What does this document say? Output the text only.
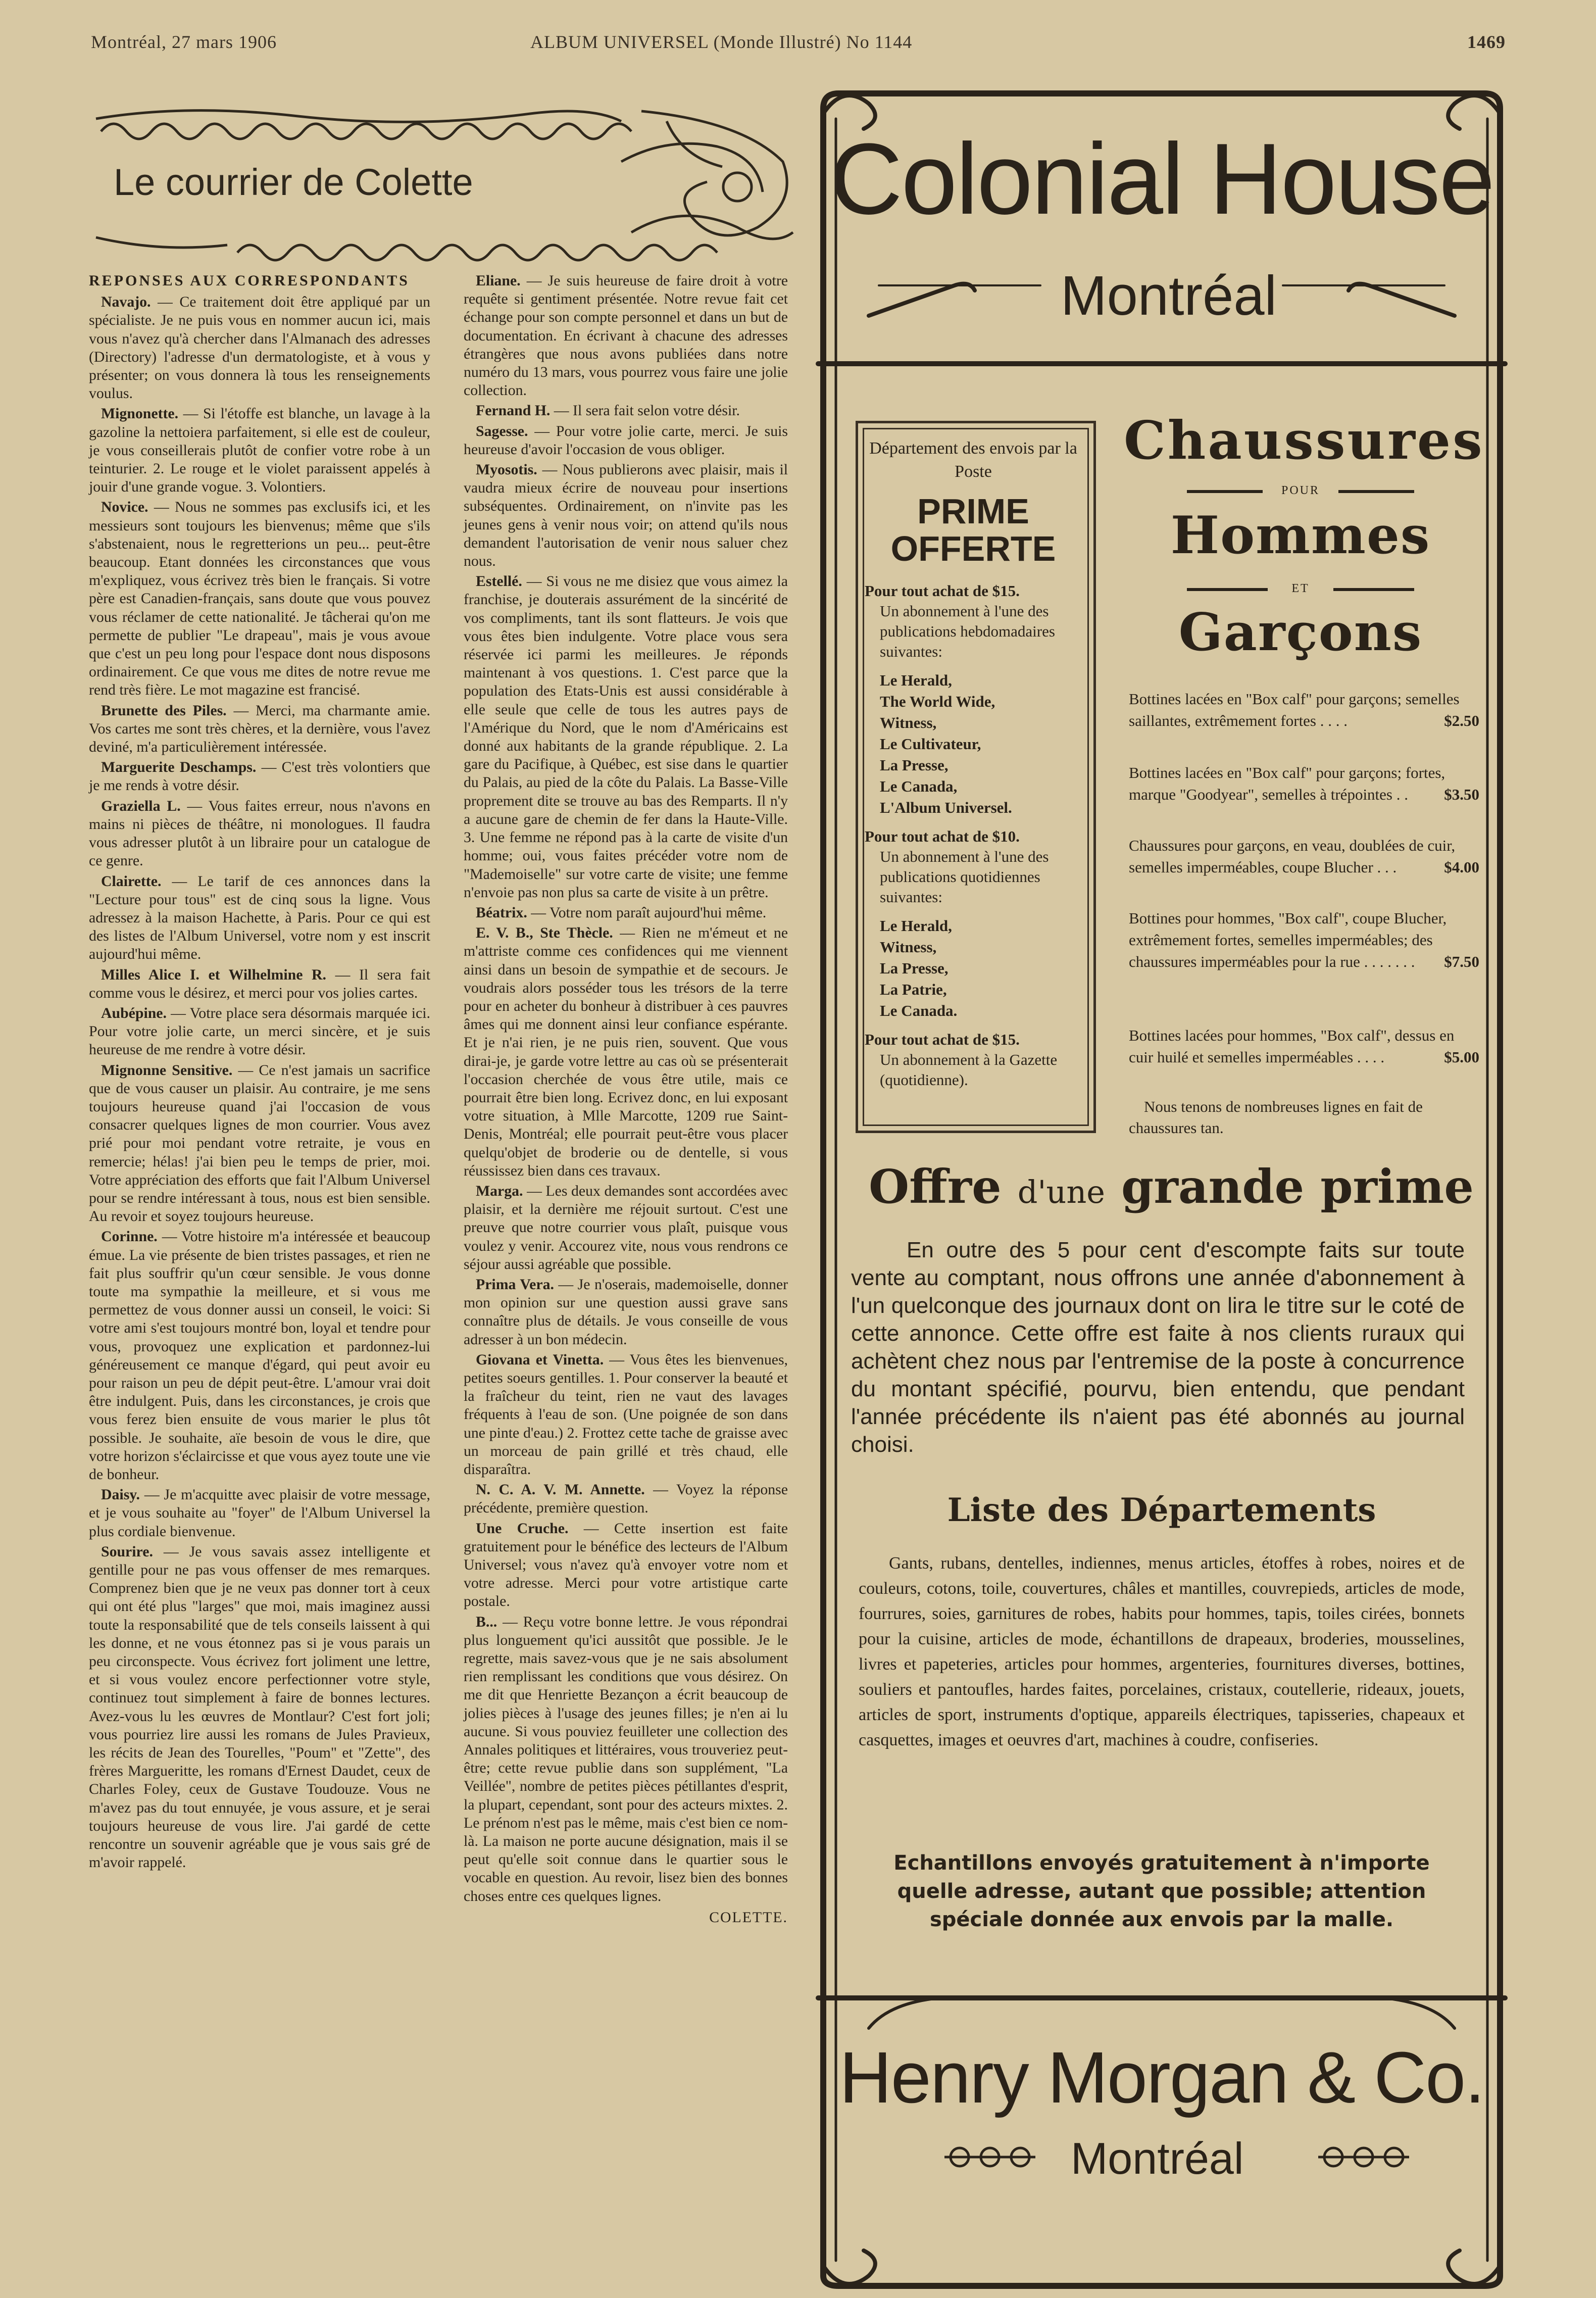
Montréal, 27 mars 1906	ALBUM UNIVERSEL (Monde Illustré) No 1144	1469
Le courrier de Colette
REPONSES AUX CORRESPONDANTS

Navajo. — Ce traitement doit être appliqué par un spécialiste. Je ne puis vous en nommer aucun ici, mais vous n'avez qu'à chercher dans l'Almanach des adresses (Directory) l'adresse d'un dermatologiste, et à vous y présenter; on vous donnera là tous les renseignements voulus.

Mignonette. — Si l'étoffe est blanche, un lavage à la gazoline la nettoiera parfaitement, si elle est de couleur, je vous conseillerais plutôt de confier votre robe à un teinturier. 2. Le rouge et le violet paraissent appelés à jouir d'une grande vogue. 3. Volontiers.

Novice. — Nous ne sommes pas exclusifs ici, et les messieurs sont toujours les bienvenus; même que s'ils s'abstenaient, nous le regretterions un peu... peut-être beaucoup. Etant données les circonstances que vous m'expliquez, vous écrivez très bien le français. Si votre père est Canadien-français, sans doute que vous pouvez vous réclamer de cette nationalité. Je tâcherai qu'on me permette de publier "Le drapeau", mais je vous avoue que c'est un peu long pour l'espace dont nous disposons ordinairement. Ce que vous me dites de notre revue me rend très fière. Le mot magazine est francisé.

Brunette des Piles. — Merci, ma charmante amie. Vos cartes me sont très chères, et la dernière, vous l'avez deviné, m'a particulièrement intéressée.

Marguerite Deschamps. — C'est très volontiers que je me rends à votre désir.

Graziella L. — Vous faites erreur, nous n'avons en mains ni pièces de théâtre, ni monologues. Il faudra vous adresser plutôt à un libraire pour un catalogue de ce genre.

Clairette. — Le tarif de ces annonces dans la "Lecture pour tous" est de cinq sous la ligne. Vous adressez à la maison Hachette, à Paris. Pour ce qui est des listes de l'Album Universel, votre nom y est inscrit aujourd'hui même.

Milles Alice I. et Wilhelmine R. — Il sera fait comme vous le désirez, et merci pour vos jolies cartes.

Aubépine. — Votre place sera désormais marquée ici. Pour votre jolie carte, un merci sincère, et je suis heureuse de me rendre à votre désir.

Mignonne Sensitive. — Ce n'est jamais un sacrifice que de vous causer un plaisir. Au contraire, je me sens toujours heureuse quand j'ai l'occasion de vous consacrer quelques lignes de mon courrier. Vous avez prié pour moi pendant votre retraite, je vous en remercie; hélas! j'ai bien peu le temps de prier, moi. Votre appréciation des efforts que fait l'Album Universel pour se rendre intéressant à tous, nous est bien sensible. Au revoir et soyez toujours heureuse.

Corinne. — Votre histoire m'a intéressée et beaucoup émue. La vie présente de bien tristes passages, et rien ne fait plus souffrir qu'un cœur sensible. Je vous donne toute ma sympathie la meilleure, et si vous me permettez de vous donner aussi un conseil, le voici: Si votre ami s'est toujours montré bon, loyal et tendre pour vous, provoquez une explication et pardonnez-lui généreusement ce manque d'égard, qui peut avoir eu pour raison un peu de dépit peut-être. L'amour vrai doit être indulgent. Puis, dans les circonstances, je crois que vous ferez bien ensuite de vous marier le plus tôt possible. Je souhaite, aïe besoin de vous le dire, que votre horizon s'éclaircisse et que vous ayez toute une vie de bonheur.

Daisy. — Je m'acquitte avec plaisir de votre message, et je vous souhaite au "foyer" de l'Album Universel la plus cordiale bienvenue.

Sourire. — Je vous savais assez intelligente et gentille pour ne pas vous offenser de mes remarques. Comprenez bien que je ne veux pas donner tort à ceux qui ont été plus "larges" que moi, mais imaginez aussi toute la responsabilité que de tels conseils laissent à qui les donne, et ne vous étonnez pas si je vous parais un peu circonspecte. Vous écrivez fort joliment une lettre, et si vous voulez encore perfectionner votre style, continuez tout simplement à faire de bonnes lectures. Avez-vous lu les œuvres de Montlaur? C'est fort joli; vous pourriez lire aussi les romans de Jules Pravieux, les récits de Jean des Tourelles, "Poum" et "Zette", des frères Margueritte, les romans d'Ernest Daudet, ceux de Charles Foley, ceux de Gustave Toudouze. Vous ne m'avez pas du tout ennuyée, je vous assure, et je serai toujours heureuse de vous lire. J'ai gardé de cette rencontre un souvenir agréable que je vous sais gré de m'avoir rappelé.

Eliane. — Je suis heureuse de faire droit à votre requête si gentiment présentée. Notre revue fait cet échange pour son compte personnel et dans un but de documentation. En écrivant à chacune des adresses étrangères que nous avons publiées dans notre numéro du 13 mars, vous pourrez vous faire une jolie collection.

Fernand H. — Il sera fait selon votre désir.

Sagesse. — Pour votre jolie carte, merci. Je suis heureuse d'avoir l'occasion de vous obliger.

Myosotis. — Nous publierons avec plaisir, mais il vaudra mieux écrire de nouveau pour insertions subséquentes. Ordinairement, on n'invite pas les jeunes gens à venir nous voir; on attend qu'ils nous demandent l'autorisation de venir nous saluer chez nous.

Estellé. — Si vous ne me disiez que vous aimez la franchise, je douterais assurément de la sincérité de vos compliments, tant ils sont flatteurs. Je vois que vous êtes bien indulgente. Votre place vous sera réservée ici parmi les meilleures. Je réponds maintenant à vos questions. 1. C'est parce que la population des Etats-Unis est aussi considérable à elle seule que celle de tous les autres pays de l'Amérique du Nord, que le nom d'Américains est donné aux habitants de la grande république. 2. La gare du Pacifique, à Québec, est sise dans le quartier du Palais, au pied de la côte du Palais. La Basse-Ville proprement dite se trouve au bas des Remparts. Il n'y a aucune gare de chemin de fer dans la Haute-Ville. 3. Une femme ne répond pas à la carte de visite d'un homme; oui, vous faites précéder votre nom de "Mademoiselle" sur votre carte de visite; une femme n'envoie pas non plus sa carte de visite à un prêtre.

Béatrix. — Votre nom paraît aujourd'hui même.

E. V. B., Ste Thècle. — Rien ne m'émeut et ne m'attriste comme ces confidences qui me viennent ainsi dans un besoin de sympathie et de secours. Je voudrais alors posséder tous les trésors de la terre pour en acheter du bonheur à distribuer à ces pauvres âmes qui me donnent ainsi leur confiance espérante. Et je n'ai rien, je ne puis rien, souvent. Que vous dirai-je, je garde votre lettre au cas où se présenterait l'occasion cherchée de vous être utile, mais ce pourrait être bien long. Ecrivez donc, en lui exposant votre situation, à Mlle Marcotte, 1209 rue Saint-Denis, Montréal; elle pourrait peut-être vous placer quelqu'objet de broderie ou de dentelle, si vous réussissez bien dans ces travaux.

Marga. — Les deux demandes sont accordées avec plaisir, et la dernière me réjouit surtout. C'est une preuve que notre courrier vous plaît, puisque vous voulez y venir. Accourez vite, nous vous rendrons ce séjour aussi agréable que possible.

Prima Vera. — Je n'oserais, mademoiselle, donner mon opinion sur une question aussi grave sans connaître plus de détails. Je vous conseille de vous adresser à un bon médecin.

Giovana et Vinetta. — Vous êtes les bienvenues, petites soeurs gentilles. 1. Pour conserver la beauté et la fraîcheur du teint, rien ne vaut des lavages fréquents à l'eau de son. (Une poignée de son dans une pinte d'eau.) 2. Frottez cette tache de graisse avec un morceau de pain grillé et très chaud, elle disparaîtra.

N. C. A. V. M. Annette. — Voyez la réponse précédente, première question.

Une Cruche. — Cette insertion est faite gratuitement pour le bénéfice des lecteurs de l'Album Universel; vous n'avez qu'à envoyer votre nom et votre adresse. Merci pour votre artistique carte postale.

B... — Reçu votre bonne lettre. Je vous répondrai plus longuement qu'ici aussitôt que possible. Je le regrette, mais savez-vous que je ne sais absolument rien remplissant les conditions que vous désirez. On me dit que Henriette Bezançon a écrit beaucoup de jolies pièces à l'usage des jeunes filles; je n'en ai lu aucune. Si vous pouviez feuilleter une collection des Annales politiques et littéraires, vous trouveriez peut-être; cette revue publie dans son supplément, "La Veillée", nombre de petites pièces pétillantes d'esprit, la plupart, cependant, sont pour des acteurs mixtes. 2. Le prénom n'est pas le même, mais c'est bien ce nom-là. La maison ne porte aucune désignation, mais il se peut qu'elle soit connue dans le quartier sous le vocable en question. Au revoir, lisez bien des bonnes choses entre ces quelques lignes.

COLETTE.
Colonial House
Montréal
Département des envois par la Poste
PRIME OFFERTE
Pour tout achat de $15.
Un abonnement à l'une des publications hebdomadaires suivantes:
Le Herald,
The World Wide,
Witness,
Le Cultivateur,
La Presse,
Le Canada,
L'Album Universel.
Pour tout achat de $10.
Un abonnement à l'une des publications quotidiennes suivantes:
Le Herald,
Witness,
La Presse,
La Patrie,
Le Canada.
Pour tout achat de $15.
Un abonnement à la Gazette (quotidienne).
Chaussures
POUR
Hommes
ET
Garçons
Bottines lacées en "Box calf" pour garçons; semelles saillantes, extrêmement fortes . . . .	$2.50
Bottines lacées en "Box calf" pour garçons; fortes, marque "Goodyear", semelles à trépointes . . $3.50
Chaussures pour garçons, en veau, doublées de cuir, semelles imperméables, coupe Blucher . . .	$4.00
Bottines pour hommes, "Box calf", coupe Blucher, extrêmement fortes, semelles imperméables; des chaussures imperméables pour la rue . . . . . . . $7.50
Bottines lacées pour hommes, "Box calf", dessus en cuir huilé et semelles imperméables . . . .	$5.00
Nous tenons de nombreuses lignes en fait de chaussures tan.
Offre d'une grande prime
En outre des 5 pour cent d'escompte faits sur toute vente au comptant, nous offrons une année d'abonnement à l'un quelconque des journaux dont on lira le titre sur le coté de cette annonce. Cette offre est faite à nos clients ruraux qui achètent chez nous par l'entremise de la poste à concurrence du montant spécifié, pourvu, bien entendu, que pendant l'année précédente ils n'aient pas été abonnés au journal choisi.
Liste des Départements
Gants, rubans, dentelles, indiennes, menus articles, étoffes à robes, noires et de couleurs, cotons, toile, couvertures, châles et mantilles, couvrepieds, articles de mode, fourrures, soies, garnitures de robes, habits pour hommes, tapis, toiles cirées, bonnets pour la cuisine, articles de mode, échantillons de drapeaux, broderies, mousselines, livres et papeteries, articles pour hommes, argenteries, fournitures diverses, bottines, souliers et pantoufles, hardes faites, porcelaines, cristaux, coutellerie, rideaux, jouets, articles de sport, instruments d'optique, appareils électriques, tapisseries, chapeaux et casquettes, images et oeuvres d'art, machines à coudre, confiseries.
Echantillons envoyés gratuitement à n'importe quelle adresse, autant que possible; attention spéciale donnée aux envois par la malle.
Henry Morgan & Co.
Montréal
